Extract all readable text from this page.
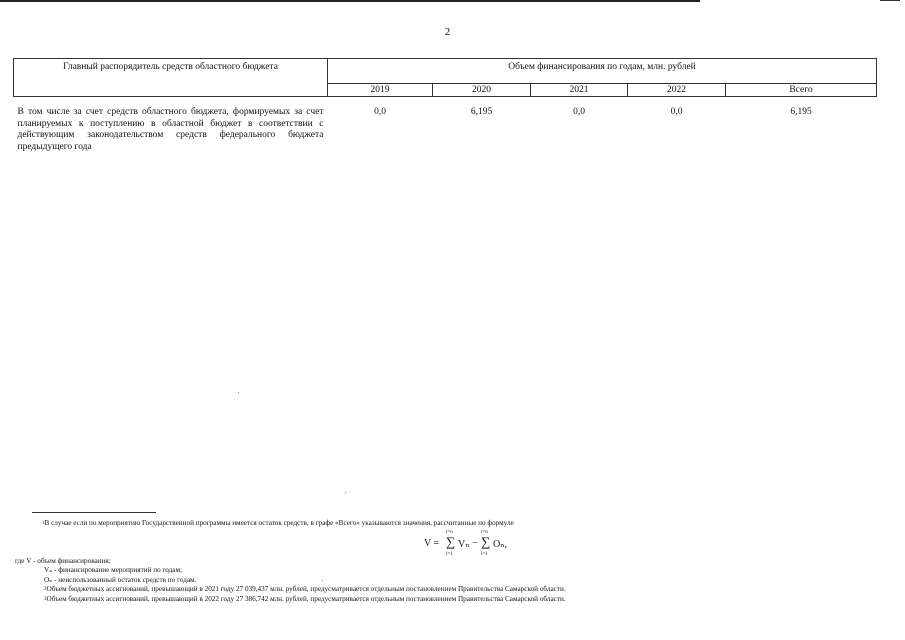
2
Главный распорядитель средств областного бюджета	Объем финансирования по годам, млн. рублей				
	2019	2020	2021	2022	Всего
В том числе за счет средств областного бюджета, формируемых за счет планируемых к поступлению в областной бюджет в соответствии с действующим законодательством средств федерального бюджета предыдущего года	0,0	6,195	0,0	0,0	6,195
$^1$В случае если по мероприятию Государственной программы имеется остаток средств, в графе «Всего» указываются значения, рассчитанные по формуле
V =
i=n
∑
i=1
Vₙ −
i=n
∑
i=1
Oₙ,
где V - объем финансирования;
Vₙ - финансирование мероприятий по годам;
Oₙ - неиспользованный остаток средств по годам.
$^2$Объем бюджетных ассигнований, превышающий в 2021 году 27 039,437 млн. рублей, предусматривается отдельным постановлением Правительства Самарской области.
$^3$Объем бюджетных ассигнований, превышающий в 2022 году 27 386,742 млн. рублей, предусматривается отдельным постановлением Правительства Самарской области.
